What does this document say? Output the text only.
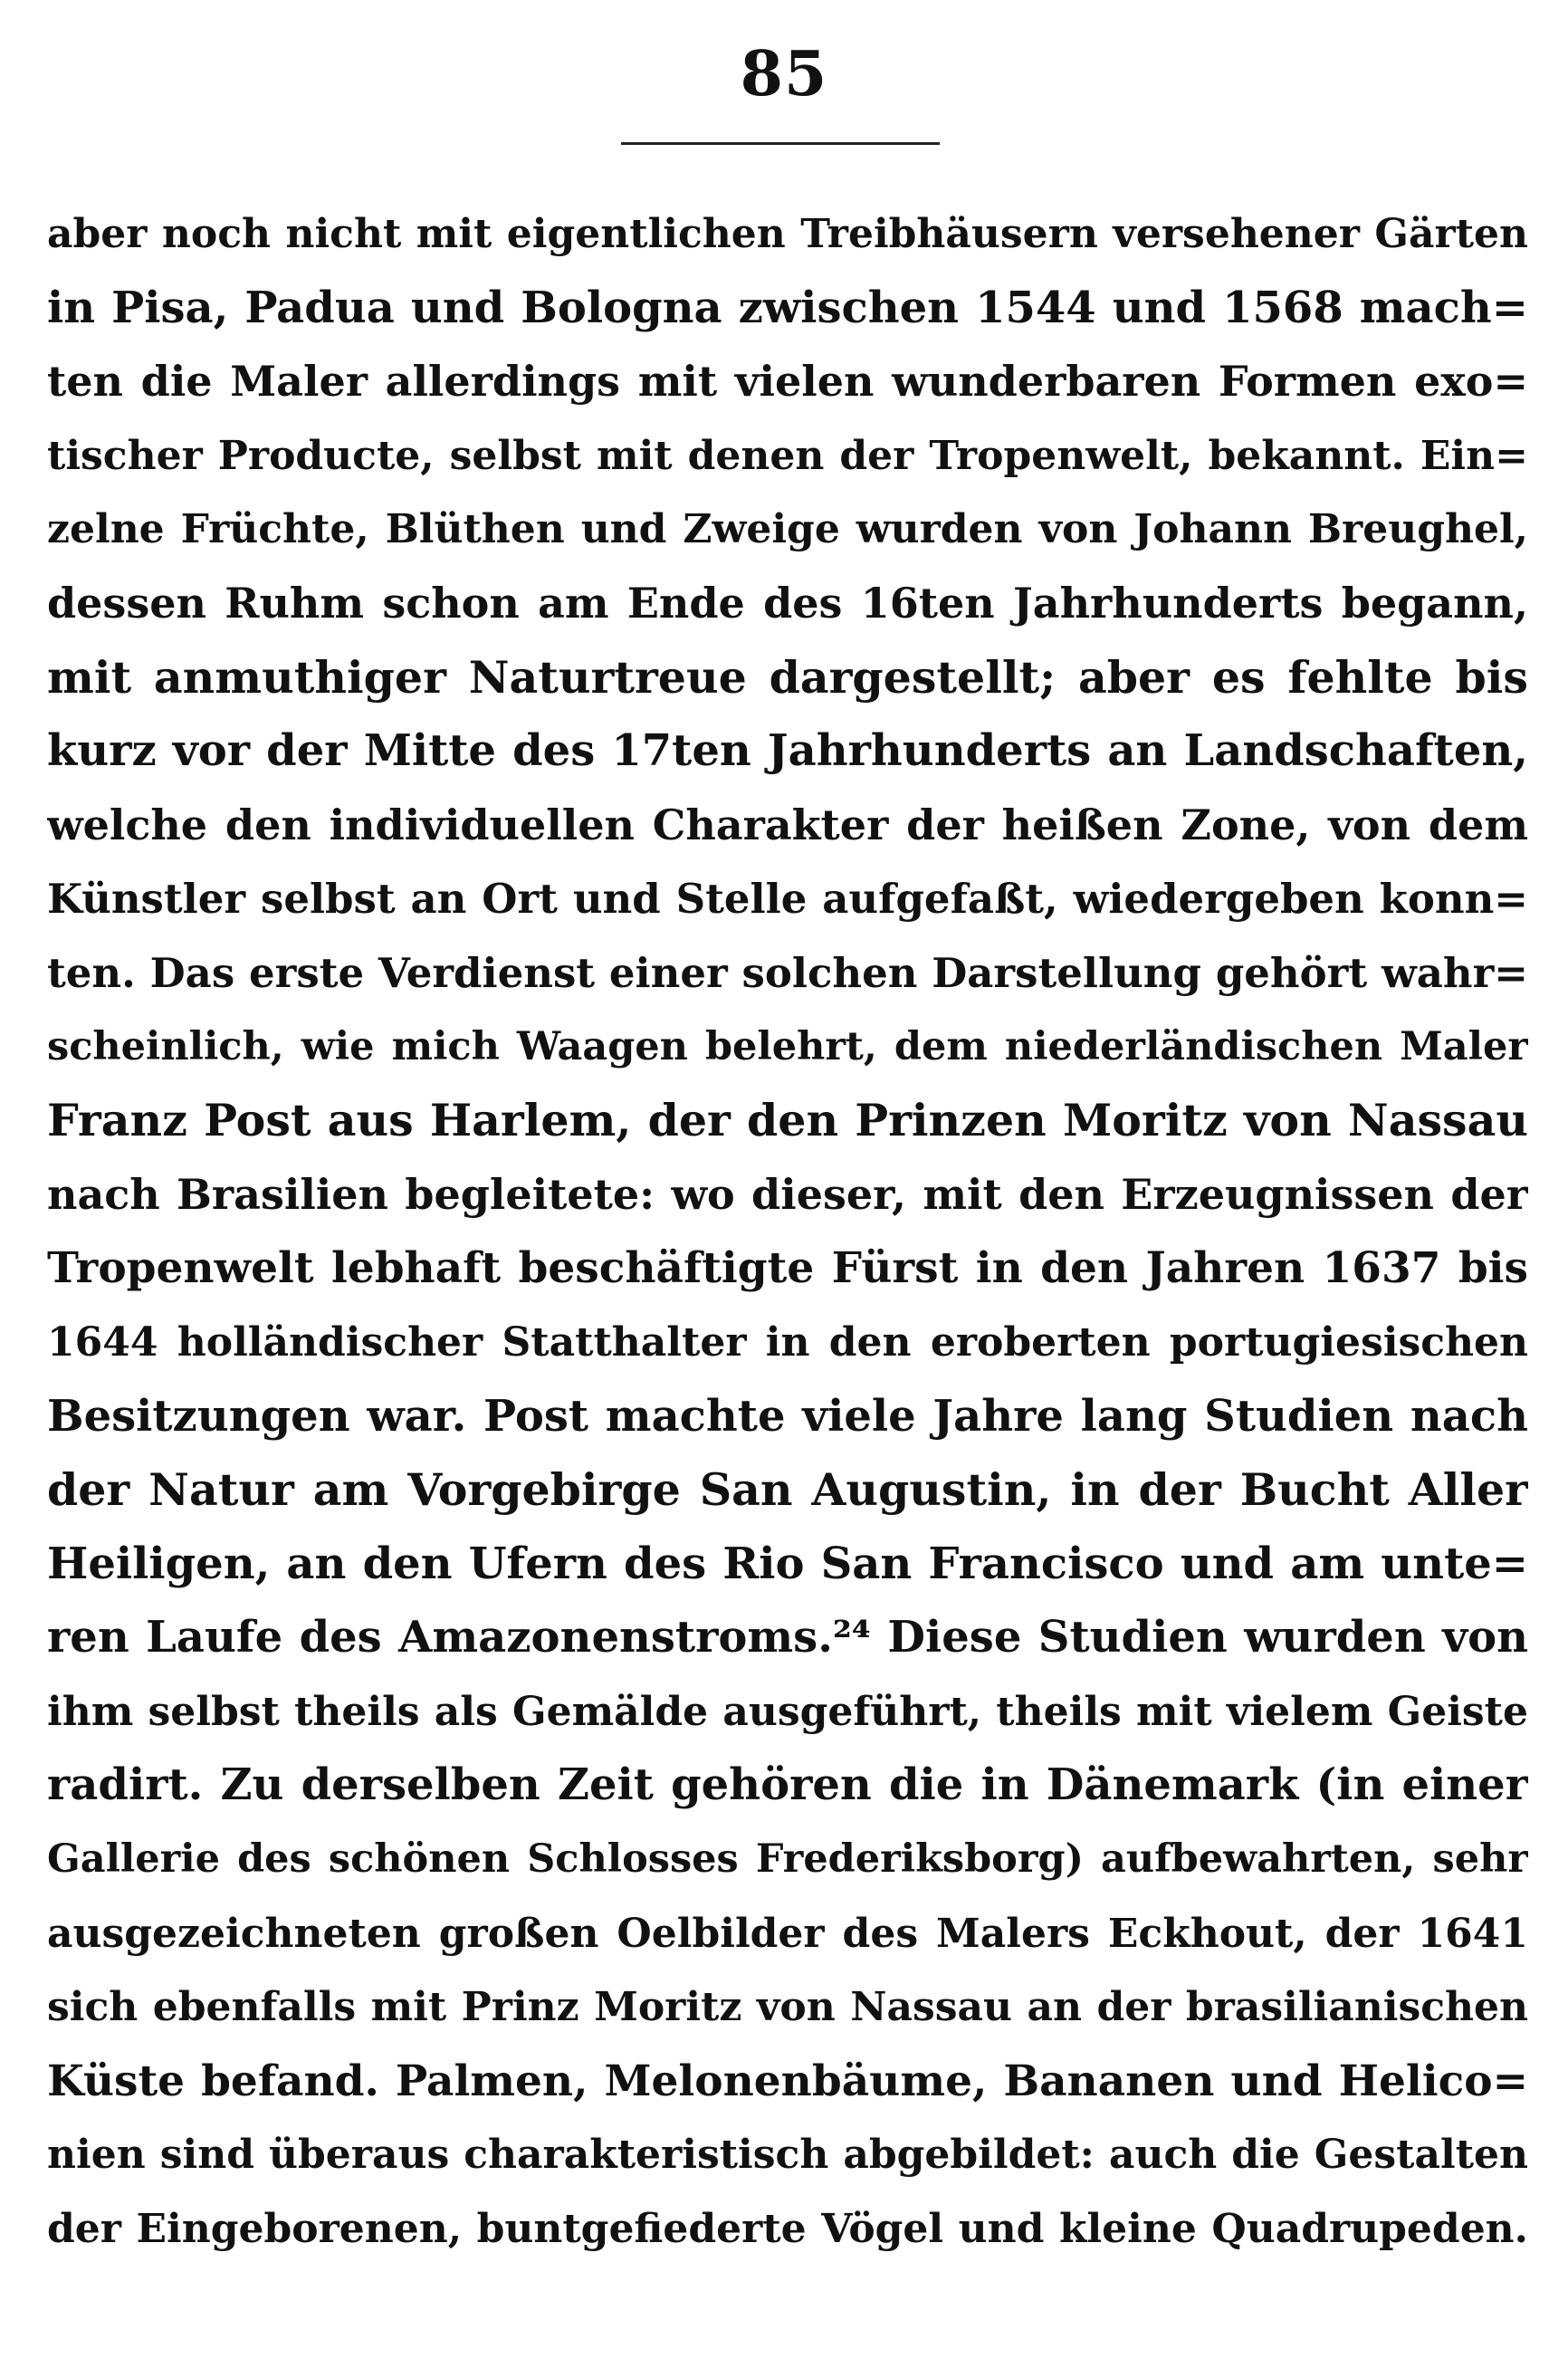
85
aber noch nicht mit eigentlichen Treibhäusern versehener Gärten
in Pisa, Padua und Bologna zwischen 1544 und 1568 mach=
ten die Maler allerdings mit vielen wunderbaren Formen exo=
tischer Producte, selbst mit denen der Tropenwelt, bekannt. Ein=
zelne Früchte, Blüthen und Zweige wurden von Johann Breughel,
dessen Ruhm schon am Ende des 16ten Jahrhunderts begann,
mit anmuthiger Naturtreue dargestellt; aber es fehlte bis
kurz vor der Mitte des 17ten Jahrhunderts an Landschaften,
welche den individuellen Charakter der heißen Zone, von dem
Künstler selbst an Ort und Stelle aufgefaßt, wiedergeben konn=
ten. Das erste Verdienst einer solchen Darstellung gehört wahr=
scheinlich, wie mich Waagen belehrt, dem niederländischen Maler
Franz Post aus Harlem, der den Prinzen Moritz von Nassau
nach Brasilien begleitete: wo dieser, mit den Erzeugnissen der
Tropenwelt lebhaft beschäftigte Fürst in den Jahren 1637 bis
1644 holländischer Statthalter in den eroberten portugiesischen
Besitzungen war. Post machte viele Jahre lang Studien nach
der Natur am Vorgebirge San Augustin, in der Bucht Aller
Heiligen, an den Ufern des Rio San Francisco und am unte=
ren Laufe des Amazonenstroms.²⁴ Diese Studien wurden von
ihm selbst theils als Gemälde ausgeführt, theils mit vielem Geiste
radirt. Zu derselben Zeit gehören die in Dänemark (in einer
Gallerie des schönen Schlosses Frederiksborg) aufbewahrten, sehr
ausgezeichneten großen Oelbilder des Malers Eckhout, der 1641
sich ebenfalls mit Prinz Moritz von Nassau an der brasilianischen
Küste befand. Palmen, Melonenbäume, Bananen und Helico=
nien sind überaus charakteristisch abgebildet: auch die Gestalten
der Eingeborenen, buntgefiederte Vögel und kleine Quadrupeden.
